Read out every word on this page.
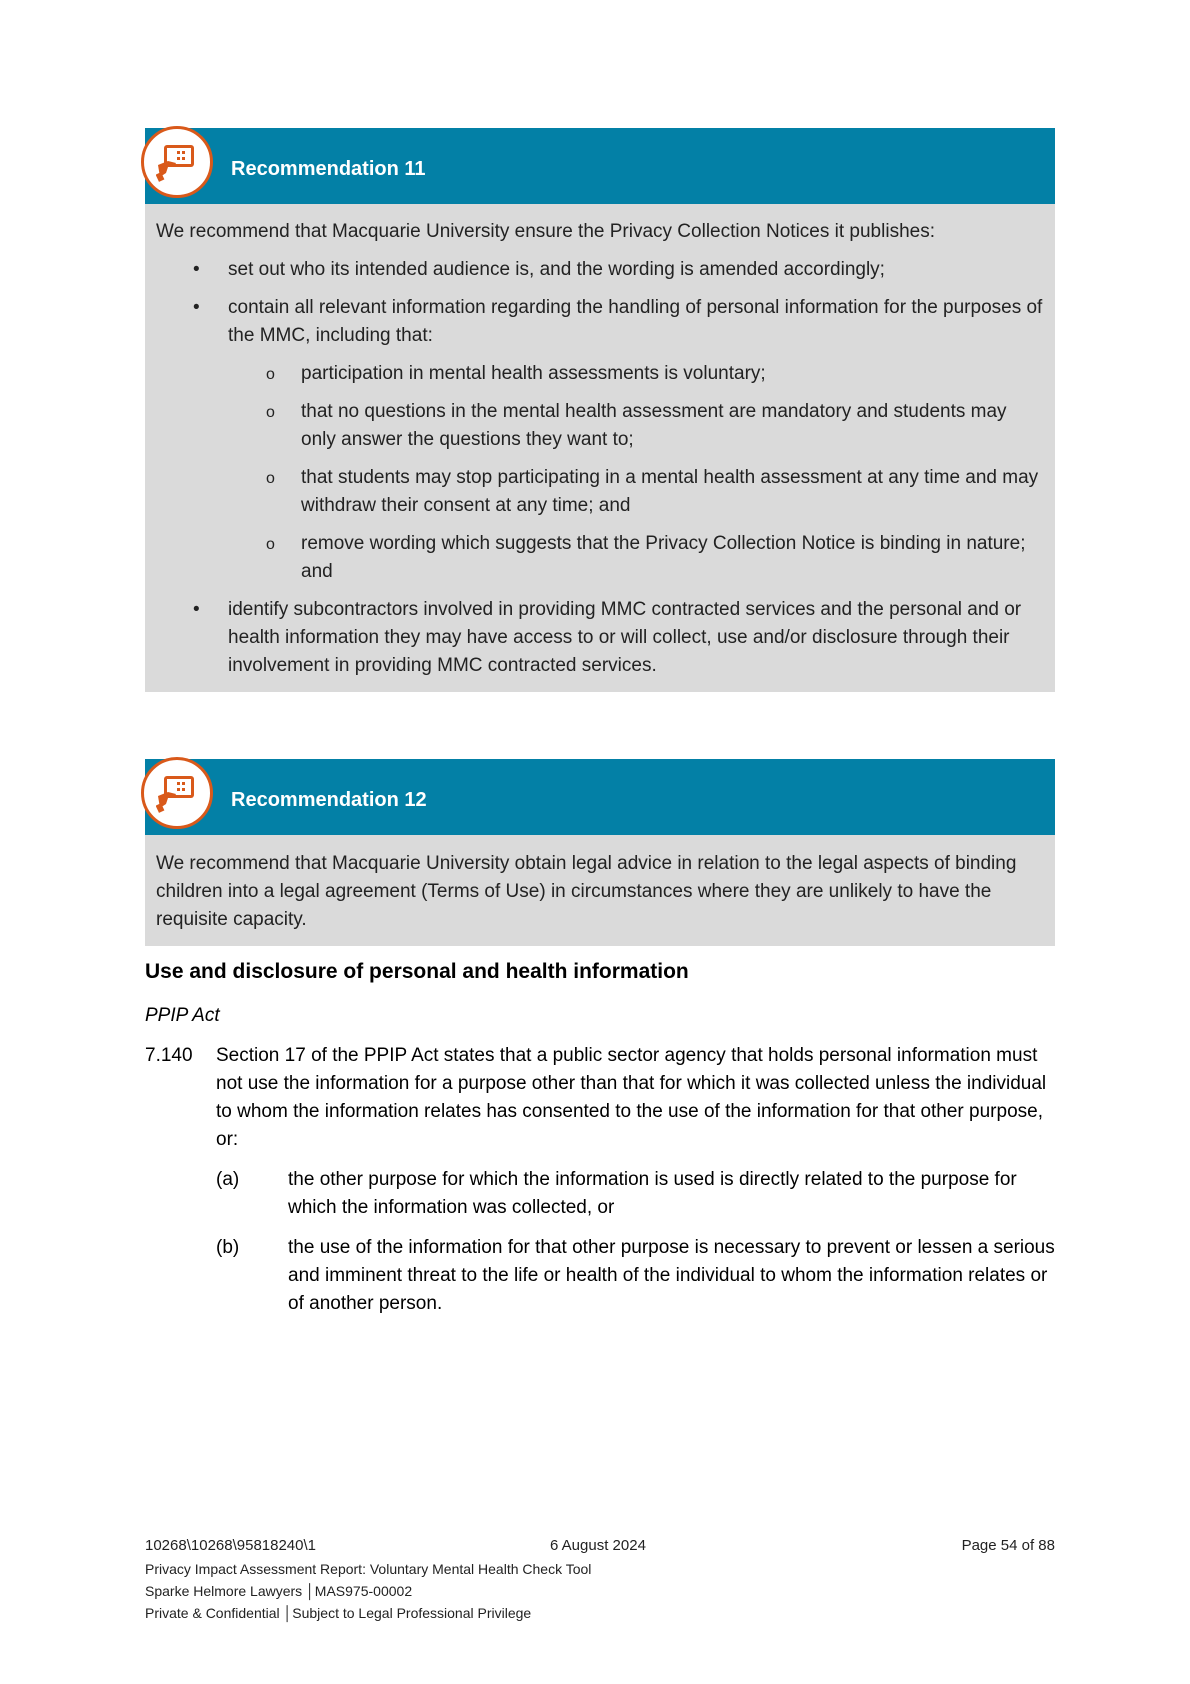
Recommendation 11

We recommend that Macquarie University ensure the Privacy Collection Notices it publishes:

• set out who its intended audience is, and the wording is amended accordingly;
• contain all relevant information regarding the handling of personal information for the purposes of the MMC, including that:
o participation in mental health assessments is voluntary;
o that no questions in the mental health assessment are mandatory and students may only answer the questions they want to;
o that students may stop participating in a mental health assessment at any time and may withdraw their consent at any time; and
o remove wording which suggests that the Privacy Collection Notice is binding in nature; and
• identify subcontractors involved in providing MMC contracted services and the personal and or health information they may have access to or will collect, use and/or disclosure through their involvement in providing MMC contracted services.
Recommendation 12

We recommend that Macquarie University obtain legal advice in relation to the legal aspects of binding children into a legal agreement (Terms of Use) in circumstances where they are unlikely to have the requisite capacity.

Use and disclosure of personal and health information
PPIP Act
7.140 Section 17 of the PPIP Act states that a public sector agency that holds personal information must not use the information for a purpose other than that for which it was collected unless the individual to whom the information relates has consented to the use of the information for that other purpose, or:
(a)	the other purpose for which the information is used is directly related to the purpose for which the information was collected, or
(b)	the use of the information for that other purpose is necessary to prevent or lessen a serious and imminent threat to the life or health of the individual to whom the information relates or of another person.
10268\10268\95818240\1	6 August 2024	Page 54 of 88
Privacy Impact Assessment Report: Voluntary Mental Health Check Tool
Sparke Helmore Lawyers │MAS975-00002
Private & Confidential │Subject to Legal Professional Privilege
